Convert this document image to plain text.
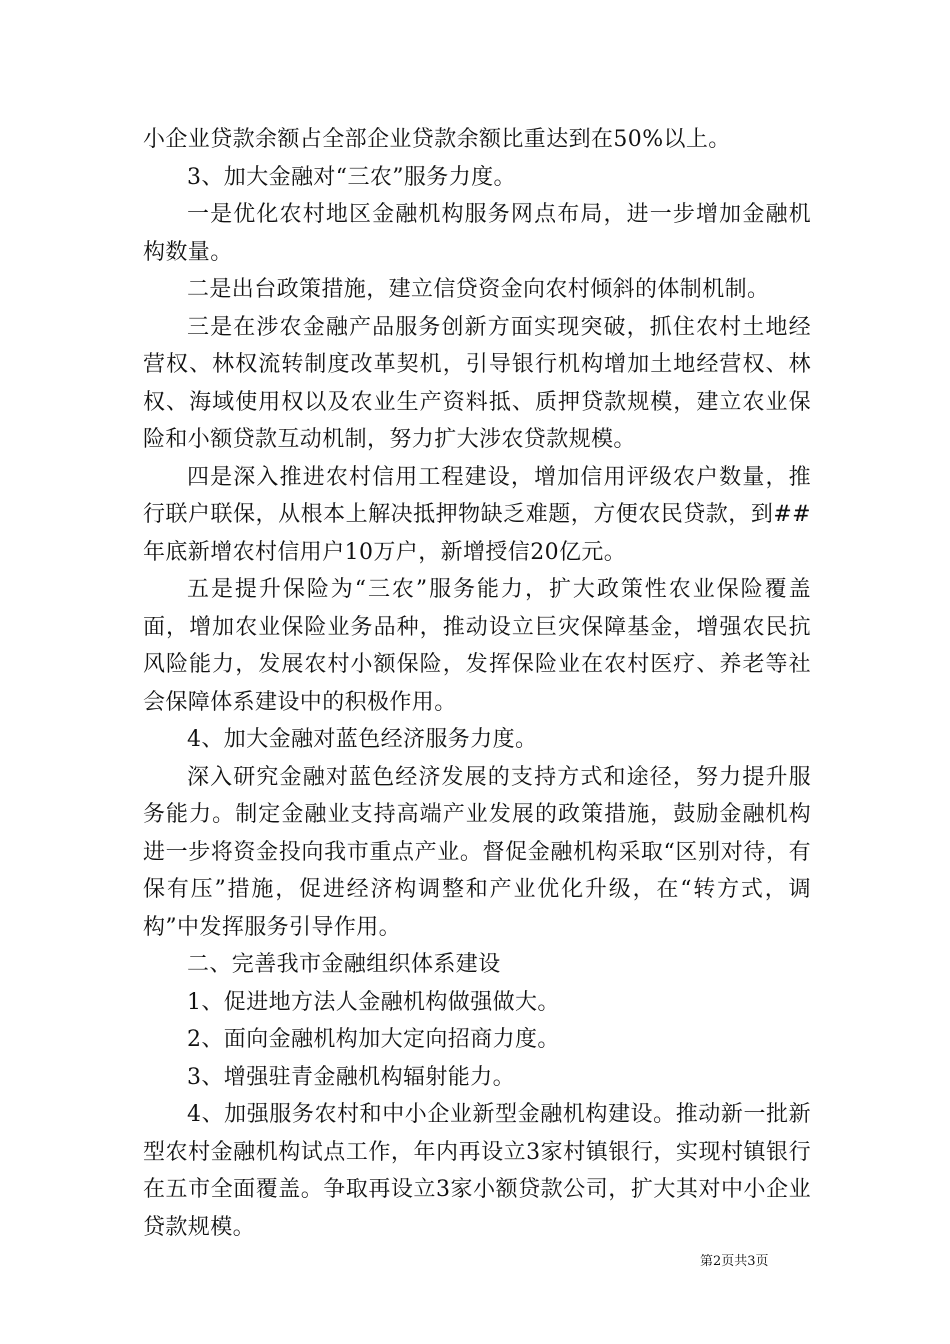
小企业贷款余额占全部企业贷款余额比重达到在50%以上。

3、加大金融对“三农”服务力度。

一是优化农村地区金融机构服务网点布局，进一步增加金融机构数量。

二是出台政策措施，建立信贷资金向农村倾斜的体制机制。

三是在涉农金融产品服务创新方面实现突破，抓住农村土地经营权、林权流转制度改革契机，引导银行机构增加土地经营权、林权、海域使用权以及农业生产资料抵、质押贷款规模，建立农业保险和小额贷款互动机制，努力扩大涉农贷款规模。

四是深入推进农村信用工程建设，增加信用评级农户数量，推行联户联保，从根本上解决抵押物缺乏难题，方便农民贷款，到##年底新增农村信用户10万户，新增授信20亿元。

五是提升保险为“三农”服务能力，扩大政策性农业保险覆盖面，增加农业保险业务品种，推动设立巨灾保障基金，增强农民抗风险能力，发展农村小额保险，发挥保险业在农村医疗、养老等社会保障体系建设中的积极作用。

4、加大金融对蓝色经济服务力度。

深入研究金融对蓝色经济发展的支持方式和途径，努力提升服务能力。制定金融业支持高端产业发展的政策措施，鼓励金融机构进一步将资金投向我市重点产业。督促金融机构采取“区别对待，有保有压”措施，促进经济构调整和产业优化升级，在“转方式，调构”中发挥服务引导作用。

二、完善我市金融组织体系建设

1、促进地方法人金融机构做强做大。

2、面向金融机构加大定向招商力度。

3、增强驻青金融机构辐射能力。

4、加强服务农村和中小企业新型金融机构建设。推动新一批新型农村金融机构试点工作，年内再设立3家村镇银行，实现村镇银行在五市全面覆盖。争取再设立3家小额贷款公司，扩大其对中小企业贷款规模。

第2页共3页
